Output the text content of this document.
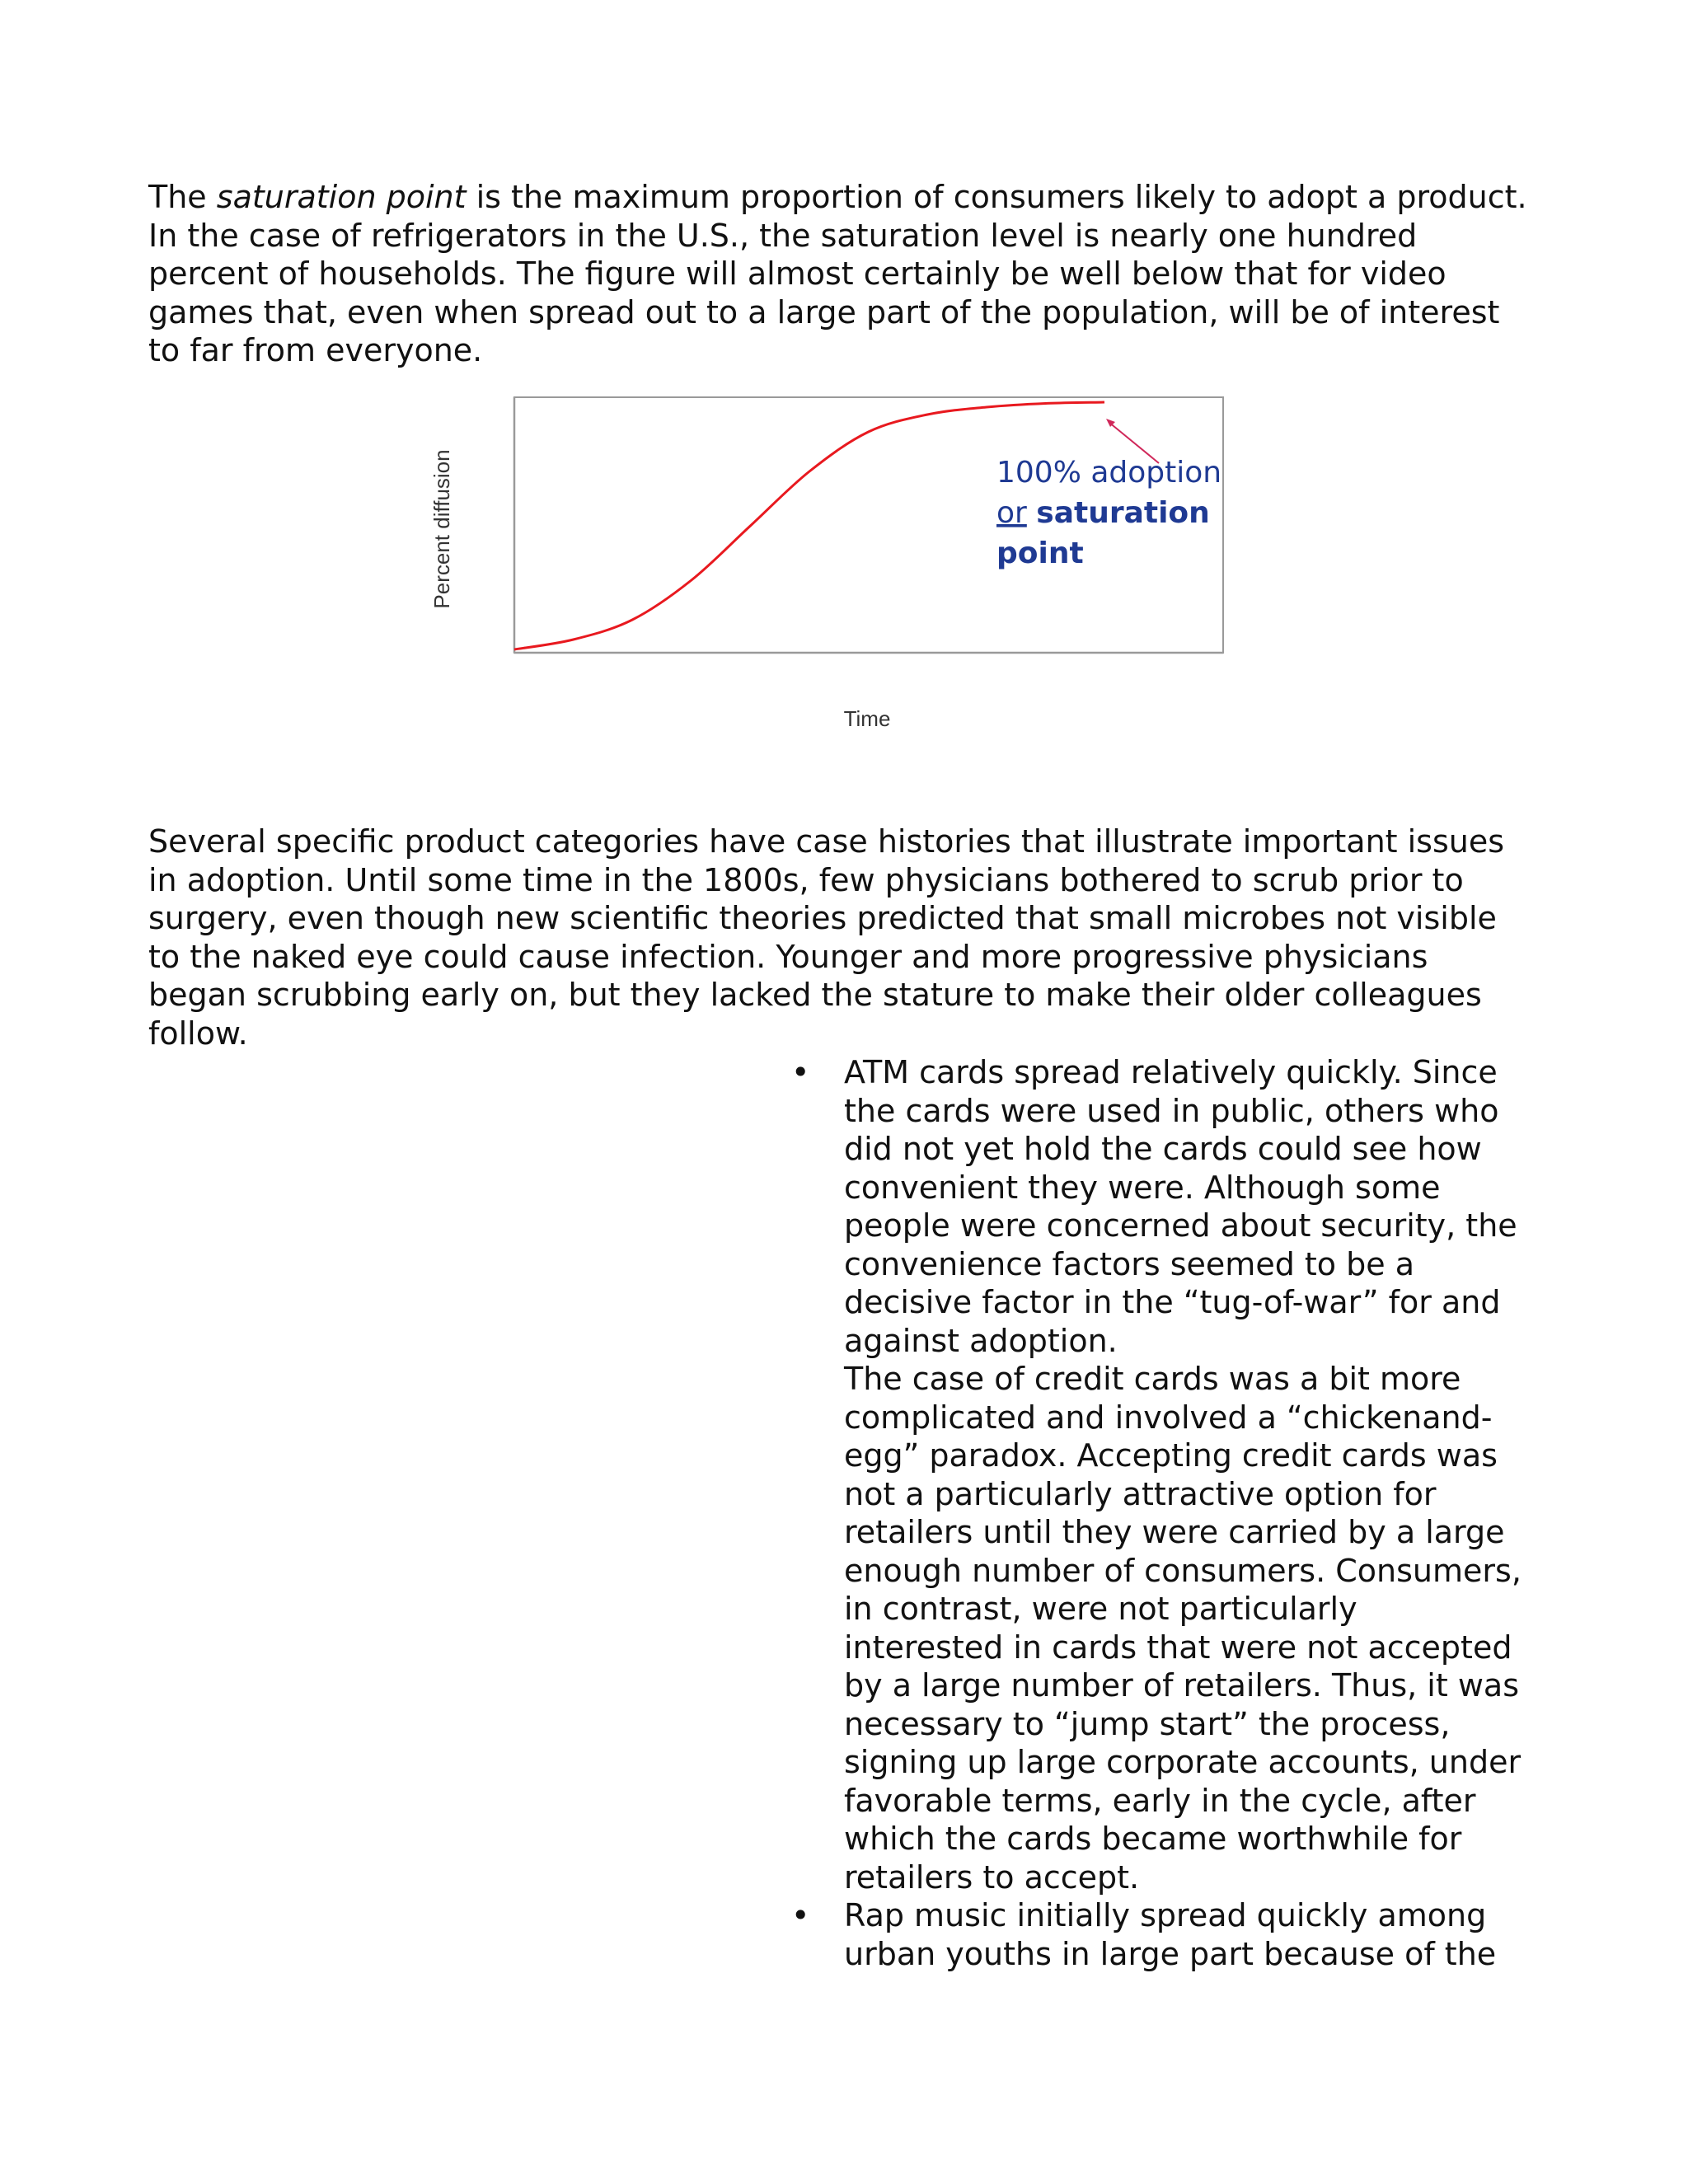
The saturation point is the maximum proportion of consumers likely to adopt a product. In the case of refrigerators in the U.S., the saturation level is nearly one hundred percent of households. The figure will almost certainly be well below that for video games that, even when spread out to a large part of the population, will be of interest to far from everyone.

100% adoption
or saturation
point
Percent diffusion
Time

Several specific product categories have case histories that illustrate important issues in adoption. Until some time in the 1800s, few physicians bothered to scrub prior to surgery, even though new scientific theories predicted that small microbes not visible to the naked eye could cause infection. Younger and more progressive physicians began scrubbing early on, but they lacked the stature to make their older colleagues follow.

• ATM cards spread relatively quickly. Since the cards were used in public, others who did not yet hold the cards could see how convenient they were. Although some people were concerned about security, the convenience factors seemed to be a decisive factor in the “tug-of-war” for and against adoption.
The case of credit cards was a bit more complicated and involved a “chickenand-egg” paradox. Accepting credit cards was not a particularly attractive option for retailers until they were carried by a large enough number of consumers. Consumers, in contrast, were not particularly interested in cards that were not accepted by a large number of retailers. Thus, it was necessary to “jump start” the process, signing up large corporate accounts, under favorable terms, early in the cycle, after which the cards became worthwhile for retailers to accept.
• Rap music initially spread quickly among urban youths in large part because of the
